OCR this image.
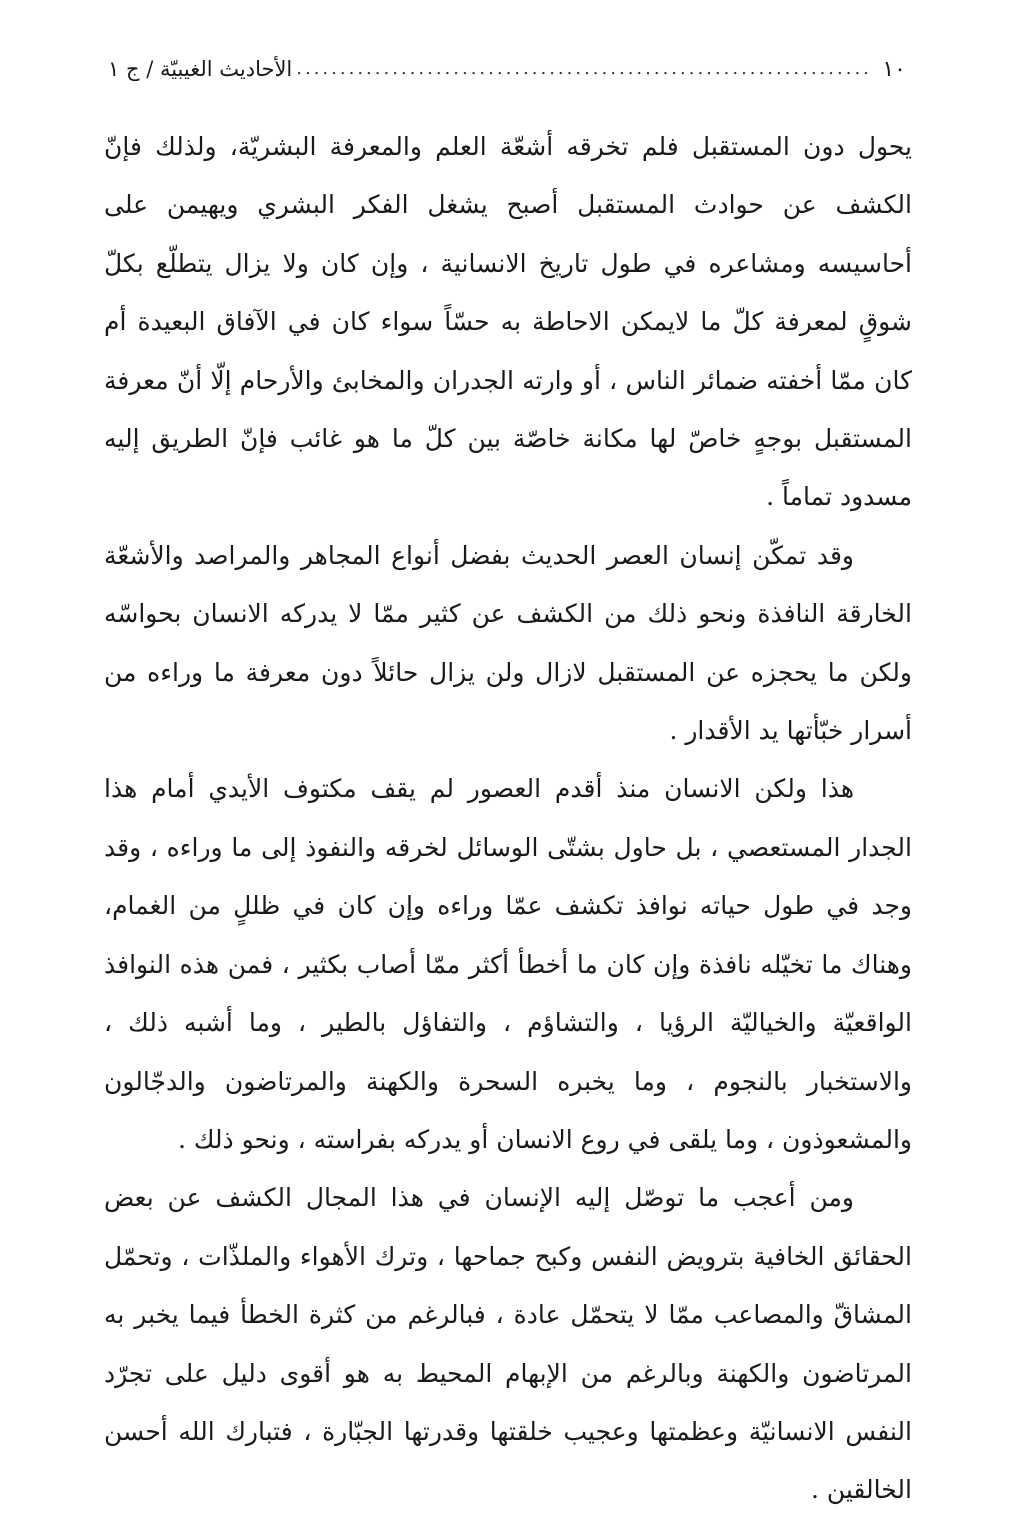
١٠
.....
الأحاديث الغيبيّة / ج ١

يحول دون المستقبل فلم تخرقه أشعّة العلم والمعرفة البشريّة، ولذلك فإنّ الكشف عن حوادث المستقبل أصبح يشغل الفكر البشري ويهيمن على أحاسيسه ومشاعره في طول تاريخ الانسانية ، وإن كان ولا يزال يتطلّع بكلّ شوقٍ لمعرفة كلّ ما لايمكن الاحاطة به حسّاً سواء كان في الآفاق البعيدة أم كان ممّا أخفته ضمائر الناس ، أو وارته الجدران والمخابئ والأرحام إلّا أنّ معرفة المستقبل بوجهٍ خاصّ لها مكانة خاصّة بين كلّ ما هو غائب فإنّ الطريق إليه مسدود تماماً .

وقد تمكّن إنسان العصر الحديث بفضل أنواع المجاهر والمراصد والأشعّة الخارقة النافذة ونحو ذلك من الكشف عن كثير ممّا لا يدركه الانسان بحواسّه ولكن ما يحجزه عن المستقبل لازال ولن يزال حائلاً دون معرفة ما وراءه من أسرار خبّأتها يد الأقدار .

هذا ولكن الانسان منذ أقدم العصور لم يقف مكتوف الأيدي أمام هذا الجدار المستعصي ، بل حاول بشتّى الوسائل لخرقه والنفوذ إلى ما وراءه ، وقد وجد في طول حياته نوافذ تكشف عمّا وراءه وإن كان في ظللٍ من الغمام، وهناك ما تخيّله نافذة وإن كان ما أخطأ أكثر ممّا أصاب بكثير ، فمن هذه النوافذ الواقعيّة والخياليّة الرؤيا ، والتشاؤم ، والتفاؤل بالطير ، وما أشبه ذلك ، والاستخبار بالنجوم ، وما يخبره السحرة والكهنة والمرتاضون والدجّالون والمشعوذون ، وما يلقى في روع الانسان أو يدركه بفراسته ، ونحو ذلك .

ومن أعجب ما توصّل إليه الإنسان في هذا المجال الكشف عن بعض الحقائق الخافية بترويض النفس وكبح جماحها ، وترك الأهواء والملذّات ، وتحمّل المشاقّ والمصاعب ممّا لا يتحمّل عادة ، فبالرغم من كثرة الخطأ فيما يخبر به المرتاضون والكهنة وبالرغم من الإبهام المحيط به هو أقوى دليل على تجرّد النفس الانسانيّة وعظمتها وعجيب خلقتها وقدرتها الجبّارة ، فتبارك الله أحسن الخالقين .
